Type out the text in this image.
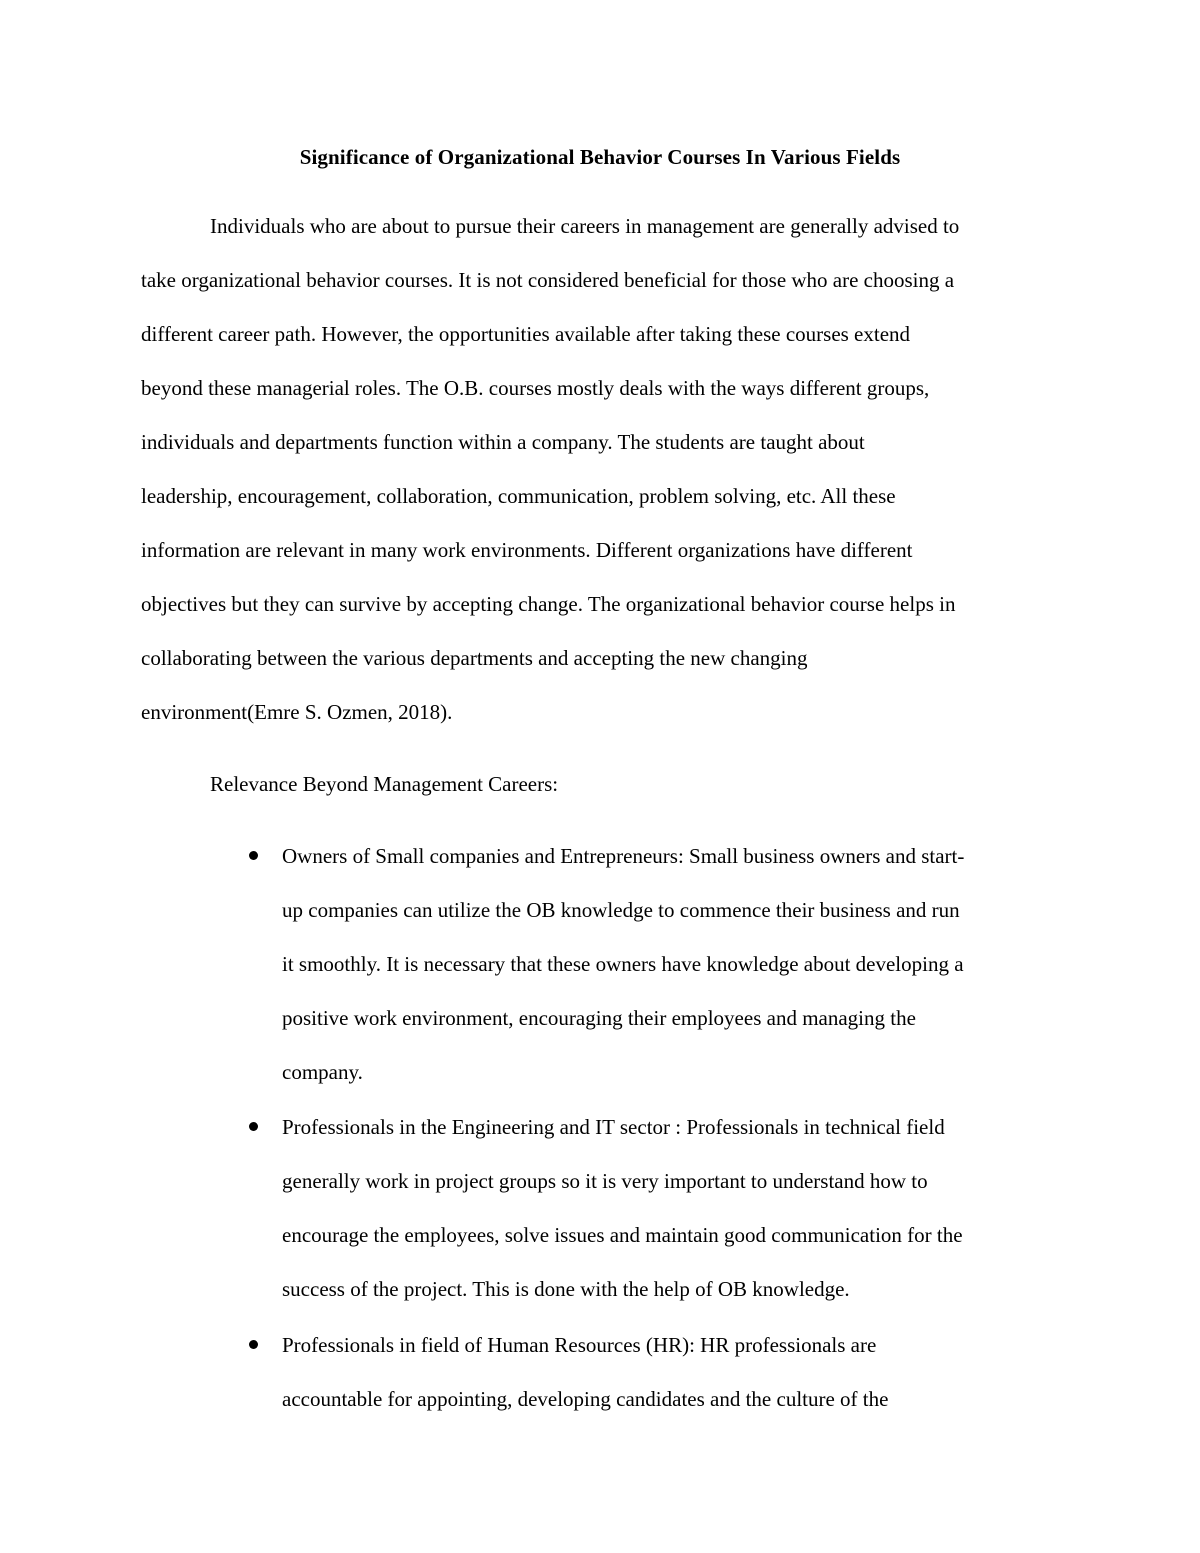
Significance of Organizational Behavior Courses In Various Fields
Individuals who are about to pursue their careers in management are generally advised to
take organizational behavior courses. It is not considered beneficial for those who are choosing a
different career path. However, the opportunities available after taking these courses extend
beyond these managerial roles. The O.B. courses mostly deals with the ways different groups,
individuals and departments function within a company. The students are taught about
leadership, encouragement, collaboration, communication, problem solving, etc. All these
information are relevant in many work environments. Different organizations have different
objectives but they can survive by accepting change. The organizational behavior course helps in
collaborating between the various departments and accepting the new changing
environment(Emre S. Ozmen, 2018).
Relevance Beyond Management Careers:
Owners of Small companies and Entrepreneurs: Small business owners and start-
up companies can utilize the OB knowledge to commence their business and run
it smoothly. It is necessary that these owners have knowledge about developing a
positive work environment, encouraging their employees and managing the
company.
Professionals in the Engineering and IT sector : Professionals in technical field
generally work in project groups so it is very important to understand how to
encourage the employees, solve issues and maintain good communication for the
success of the project. This is done with the help of OB knowledge.
Professionals in field of Human Resources (HR): HR professionals are
accountable for appointing, developing candidates and the culture of the
